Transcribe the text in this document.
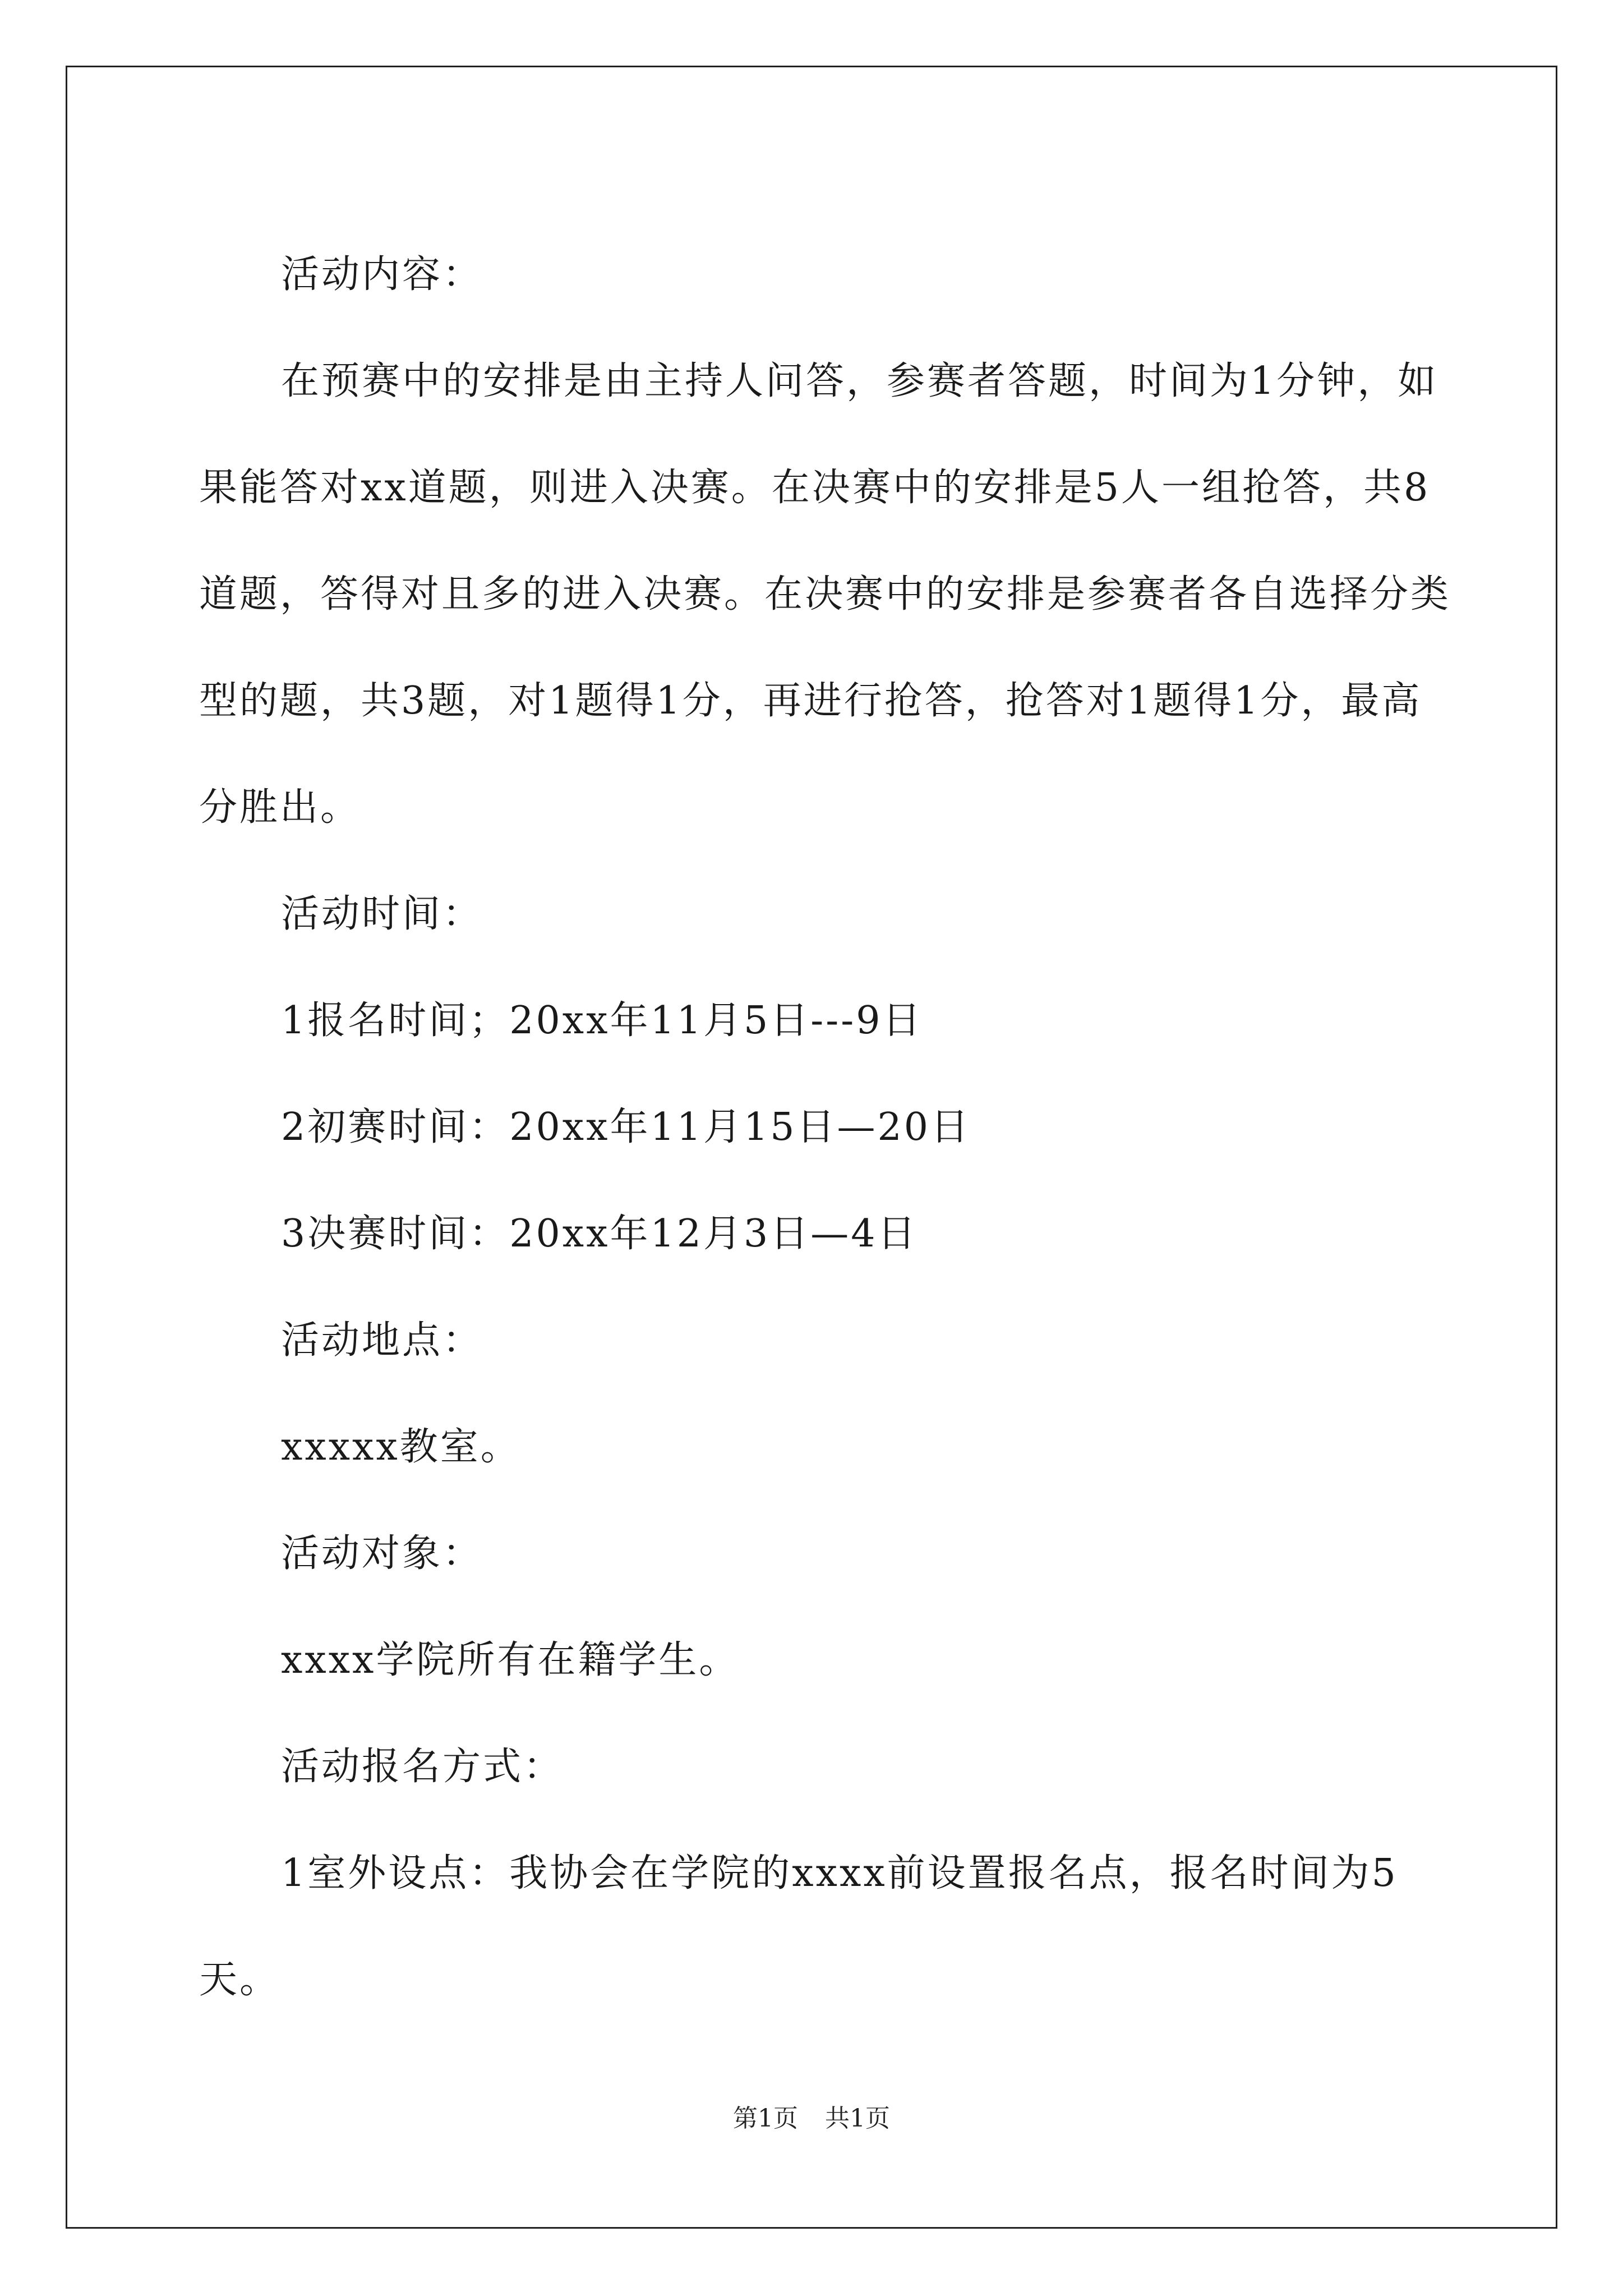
活动内容：

在预赛中的安排是由主持人问答，参赛者答题，时间为1分钟，如果能答对xx道题，则进入决赛。在决赛中的安排是5人一组抢答，共8道题，答得对且多的进入决赛。在决赛中的安排是参赛者各自选择分类型的题，共3题，对1题得1分，再进行抢答，抢答对1题得1分，最高分胜出。

活动时间：

1报名时间；20xx年11月5日---9日

2初赛时间：20xx年11月15日—20日

3决赛时间：20xx年12月3日—4日

活动地点：

xxxxx教室。

活动对象：

xxxx学院所有在籍学生。

活动报名方式：

1室外设点：我协会在学院的xxxx前设置报名点，报名时间为5天。

第1页 共1页
